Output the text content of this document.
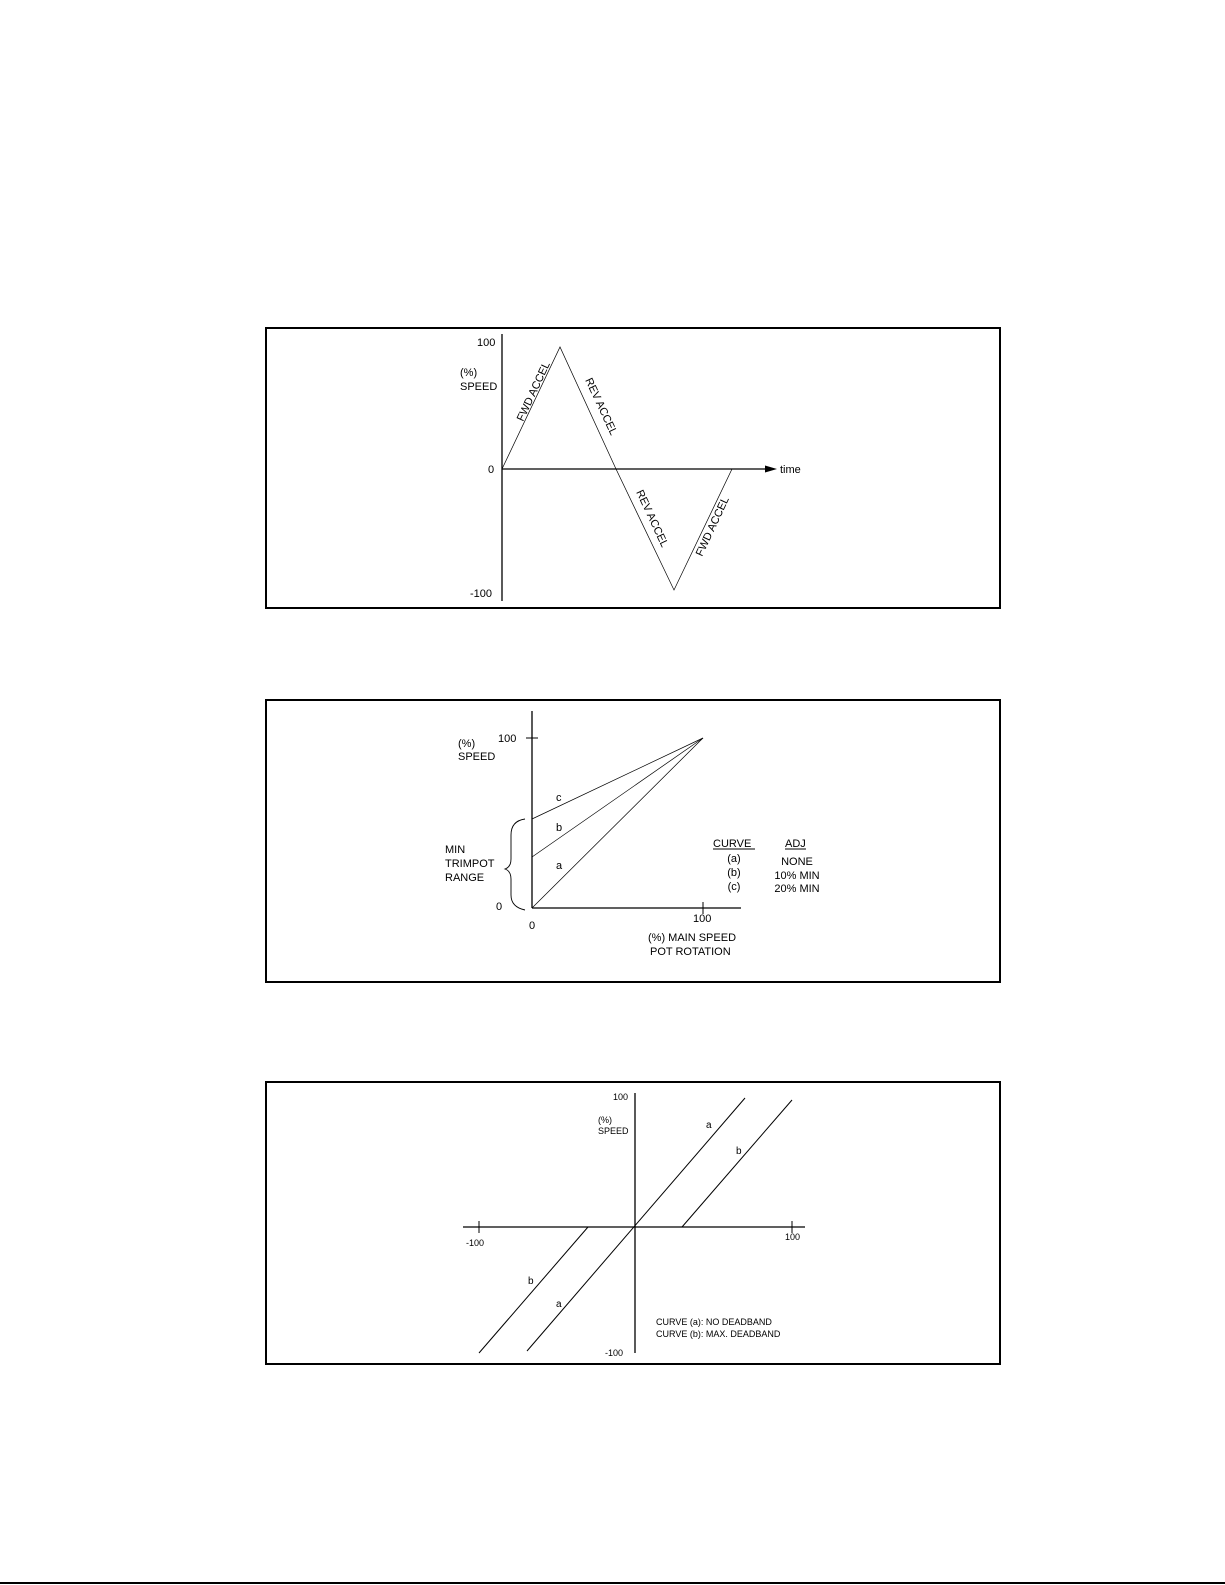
100
0
-100
(%)
SPEED
time
FWD ACCEL	REV ACCEL
REV ACCEL FWD ACCEL
(%)
SPEED
100
0
0
100
(%) MAIN SPEED
POT ROTATION
MIN
TRIMPOT
RANGE
c
b
a
CURVE	ADJ
(a)	NONE
(b)	10% MIN
(c)	20% MIN
100
-100
-100
100
(%)
SPEED	a
b
b
a
CURVE (a): NO DEADBAND
CURVE (b): MAX. DEADBAND
